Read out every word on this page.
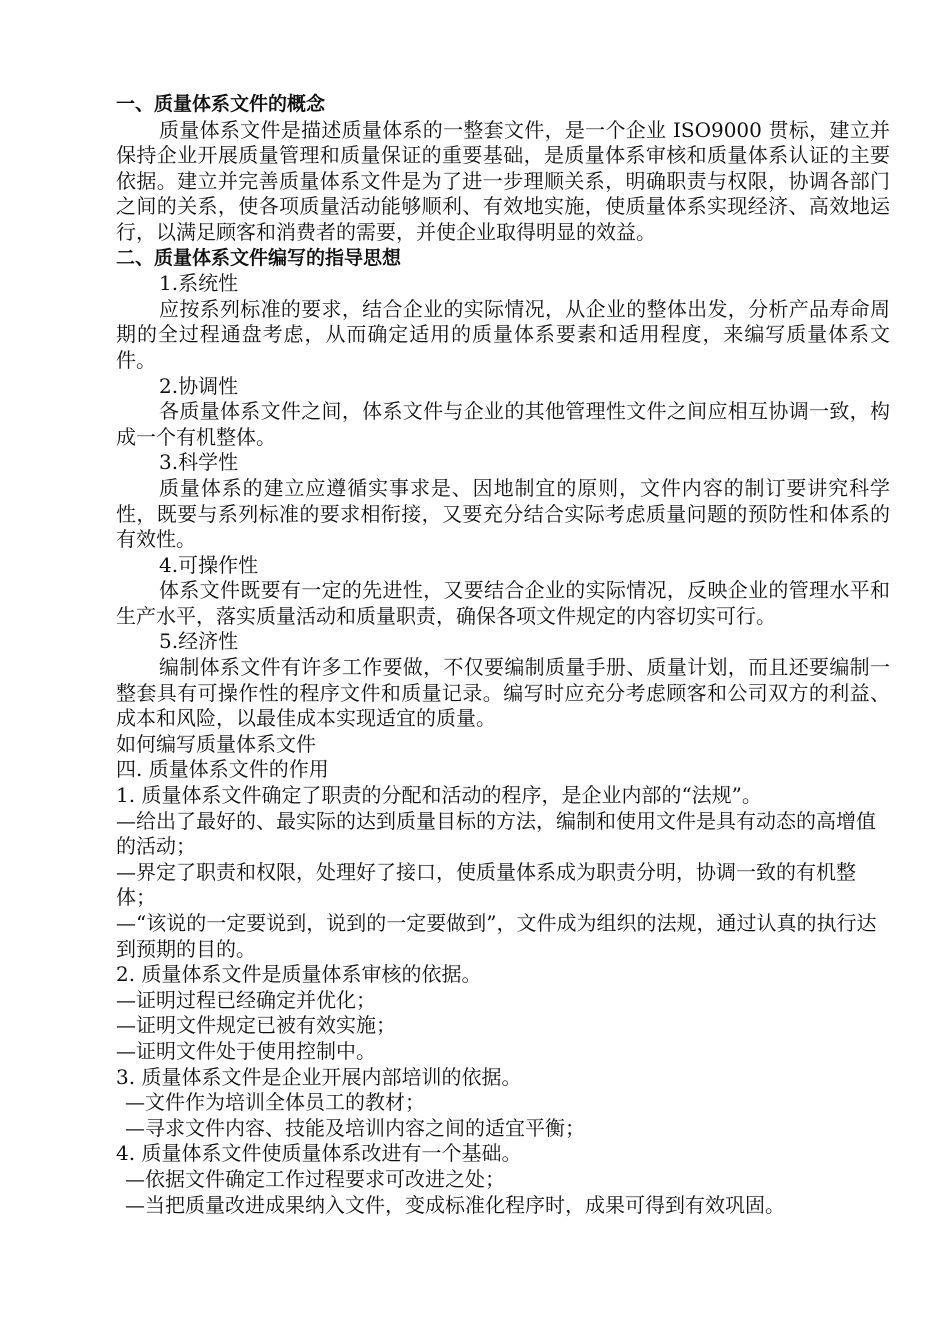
一、质量体系文件的概念

质量体系文件是描述质量体系的一整套文件，是一个企业 ISO9000 贯标，建立并保持企业开展质量管理和质量保证的重要基础，是质量体系审核和质量体系认证的主要依据。建立并完善质量体系文件是为了进一步理顺关系，明确职责与权限，协调各部门之间的关系，使各项质量活动能够顺利、有效地实施，使质量体系实现经济、高效地运行，以满足顾客和消费者的需要，并使企业取得明显的效益。

二、质量体系文件编写的指导思想
1.系统性

应按系列标准的要求，结合企业的实际情况，从企业的整体出发，分析产品寿命周期的全过程通盘考虑，从而确定适用的质量体系要素和适用程度，来编写质量体系文件。

2.协调性

各质量体系文件之间，体系文件与企业的其他管理性文件之间应相互协调一致，构成一个有机整体。

3.科学性

质量体系的建立应遵循实事求是、因地制宜的原则，文件内容的制订要讲究科学性，既要与系列标准的要求相衔接，又要充分结合实际考虑质量问题的预防性和体系的有效性。

4.可操作性

体系文件既要有一定的先进性，又要结合企业的实际情况，反映企业的管理水平和生产水平，落实质量活动和质量职责，确保各项文件规定的内容切实可行。

5.经济性

编制体系文件有许多工作要做，不仅要编制质量手册、质量计划，而且还要编制一整套具有可操作性的程序文件和质量记录。编写时应充分考虑顾客和公司双方的利益、成本和风险，以最佳成本实现适宜的质量。

如何编写质量体系文件
四. 质量体系文件的作用
1. 质量体系文件确定了职责的分配和活动的程序，是企业内部的“法规”。
—给出了最好的、最实际的达到质量目标的方法，编制和使用文件是具有动态的高增值的活动；
—界定了职责和权限，处理好了接口，使质量体系成为职责分明，协调一致的有机整体；
—“该说的一定要说到，说到的一定要做到”，文件成为组织的法规，通过认真的执行达到预期的目的。
2. 质量体系文件是质量体系审核的依据。
—证明过程已经确定并优化；
—证明文件规定已被有效实施；
—证明文件处于使用控制中。
3. 质量体系文件是企业开展内部培训的依据。
—文件作为培训全体员工的教材；
—寻求文件内容、技能及培训内容之间的适宜平衡；
4. 质量体系文件使质量体系改进有一个基础。
—依据文件确定工作过程要求可改进之处；
—当把质量改进成果纳入文件，变成标准化程序时，成果可得到有效巩固。
